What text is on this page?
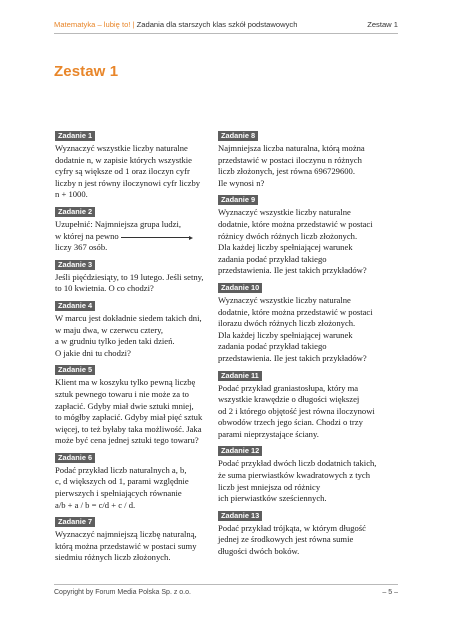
Matematyka – lubię to! | Zadania dla starszych klas szkół podstawowych	Zestaw 1
Zestaw 1
Zadanie 1
Wyznaczyć wszystkie liczby naturalne
dodatnie n, w zapisie których wszystkie
cyfry są większe od 1 oraz iloczyn cyfr
liczby n jest równy iloczynowi cyfr liczby
n + 1000.
Zadanie 2
Uzupełnić: Najmniejsza grupa ludzi,
w której na pewno
liczy 367 osób.
Zadanie 3
Jeśli pięćdziesiąty, to 19 lutego. Jeśli setny,
to 10 kwietnia. O co chodzi?
Zadanie 4
W marcu jest dokładnie siedem takich dni,
w maju dwa, w czerwcu cztery,
a w grudniu tylko jeden taki dzień.
O jakie dni tu chodzi?
Zadanie 5
Klient ma w koszyku tylko pewną liczbę
sztuk pewnego towaru i nie może za to
zapłacić. Gdyby miał dwie sztuki mniej,
to mógłby zapłacić. Gdyby miał pięć sztuk
więcej, to też byłaby taka możliwość. Jaka
może być cena jednej sztuki tego towaru?
Zadanie 6
Podać przykład liczb naturalnych a, b,
c, d większych od 1, parami względnie
pierwszych i spełniających równanie
a/b + a / b = c/d + c / d.
Zadanie 7
Wyznaczyć najmniejszą liczbę naturalną,
którą można przedstawić w postaci sumy
siedmiu różnych liczb złożonych.
Zadanie 8
Najmniejsza liczba naturalna, którą można
przedstawić w postaci iloczynu n różnych
liczb złożonych, jest równa 696729600.
Ile wynosi n?
Zadanie 9
Wyznaczyć wszystkie liczby naturalne
dodatnie, które można przedstawić w postaci
różnicy dwóch różnych liczb złożonych.
Dla każdej liczby spełniającej warunek
zadania podać przykład takiego
przedstawienia. Ile jest takich przykładów?
Zadanie 10
Wyznaczyć wszystkie liczby naturalne
dodatnie, które można przedstawić w postaci
ilorazu dwóch różnych liczb złożonych.
Dla każdej liczby spełniającej warunek
zadania podać przykład takiego
przedstawienia. Ile jest takich przykładów?
Zadanie 11
Podać przykład graniastosłupa, który ma
wszystkie krawędzie o długości większej
od 2 i którego objętość jest równa iloczynowi
obwodów trzech jego ścian. Chodzi o trzy
parami nieprzystające ściany.
Zadanie 12
Podać przykład dwóch liczb dodatnich takich,
że suma pierwiastków kwadratowych z tych
liczb jest mniejsza od różnicy
ich pierwiastków sześciennych.
Zadanie 13
Podać przykład trójkąta, w którym długość
jednej ze środkowych jest równa sumie
długości dwóch boków.
Copyright by Forum Media Polska Sp. z o.o.	– 5 –
